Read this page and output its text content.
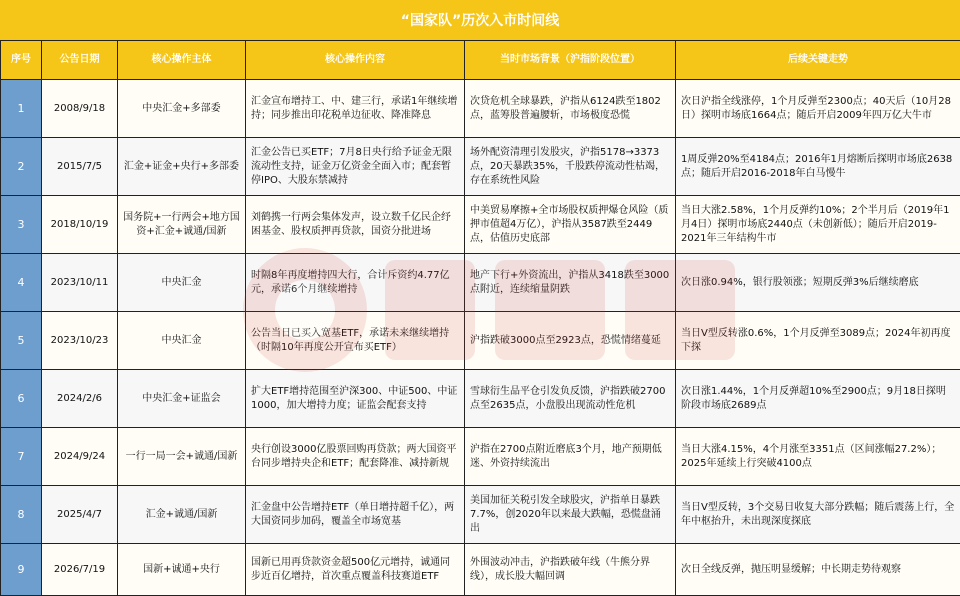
“国家队”历次入市时间线
序号	公告日期	核心操作主体	核心操作内容	当时市场背景（沪指阶段位置）	后续关键走势
1	2008/9/18	中央汇金+多部委	汇金宣布增持工、中、建三行，承诺1年继续增持；同步推出印花税单边征收、降准降息	次贷危机全球暴跌，沪指从6124跌至1802点，蓝筹股普遍腰斩，市场极度恐慌	次日沪指全线涨停，1个月反弹至2300点；40天后（10月28日）探明市场底1664点；随后开启2009年四万亿大牛市
2	2015/7/5	汇金+证金+央行+多部委	汇金公告已买ETF；7月8日央行给予证金无限流动性支持，证金万亿资金全面入市；配套暂停IPO、大股东禁减持	场外配资清理引发股灾，沪指5178→3373点，20天暴跌35%，千股跌停流动性枯竭，存在系统性风险	1周反弹20%至4184点；2016年1月熔断后探明市场底2638点；随后开启2016-2018年白马慢牛
3	2018/10/19	国务院+一行两会+地方国资+汇金+诚通/国新	刘鹤携一行两会集体发声，设立数千亿民企纾困基金、股权质押再贷款，国资分批进场	中美贸易摩擦+全市场股权质押爆仓风险（质押市值超4万亿），沪指从3587跌至2449点，估值历史底部	当日大涨2.58%，1个月反弹约10%；2个半月后（2019年1月4日）探明市场底2440点（未创新低）；随后开启2019-2021年三年结构牛市
4	2023/10/11	中央汇金	时隔8年再度增持四大行，合计斥资约4.77亿元，承诺6个月继续增持	地产下行+外资流出，沪指从3418跌至3000点附近，连续缩量阴跌	次日涨0.94%，银行股领涨；短期反弹3%后继续磨底
5	2023/10/23	中央汇金	公告当日已买入宽基ETF，承诺未来继续增持（时隔10年再度公开宣布买ETF）	沪指跌破3000点至2923点，恐慌情绪蔓延	当日V型反转涨0.6%，1个月反弹至3089点；2024年初再度下探
6	2024/2/6	中央汇金+证监会	扩大ETF增持范围至沪深300、中证500、中证1000，加大增持力度；证监会配套支持	雪球衍生品平仓引发负反馈，沪指跌破2700点至2635点，小盘股出现流动性危机	次日涨1.44%，1个月反弹超10%至2900点；9月18日探明阶段市场底2689点
7	2024/9/24	一行一局一会+诚通/国新	央行创设3000亿股票回购再贷款；两大国资平台同步增持央企和ETF；配套降准、减持新规	沪指在2700点附近磨底3个月，地产预期低迷、外资持续流出	当日大涨4.15%，4个月涨至3351点（区间涨幅27.2%）；2025年延续上行突破4100点
8	2025/4/7	汇金+诚通/国新	汇金盘中公告增持ETF（单日增持超千亿），两大国资同步加码，覆盖全市场宽基	美国加征关税引发全球股灾，沪指单日暴跌7.7%，创2020年以来最大跌幅，恐慌盘涌出	当日V型反转，3个交易日收复大部分跌幅；随后震荡上行，全年中枢抬升，未出现深度探底
9	2026/7/19	国新+诚通+央行	国新已用再贷款资金超500亿元增持，诚通同步近百亿增持，首次重点覆盖科技赛道ETF	外围波动冲击，沪指跌破年线（牛熊分界线），成长股大幅回调	次日全线反弹，抛压明显缓解；中长期走势待观察
